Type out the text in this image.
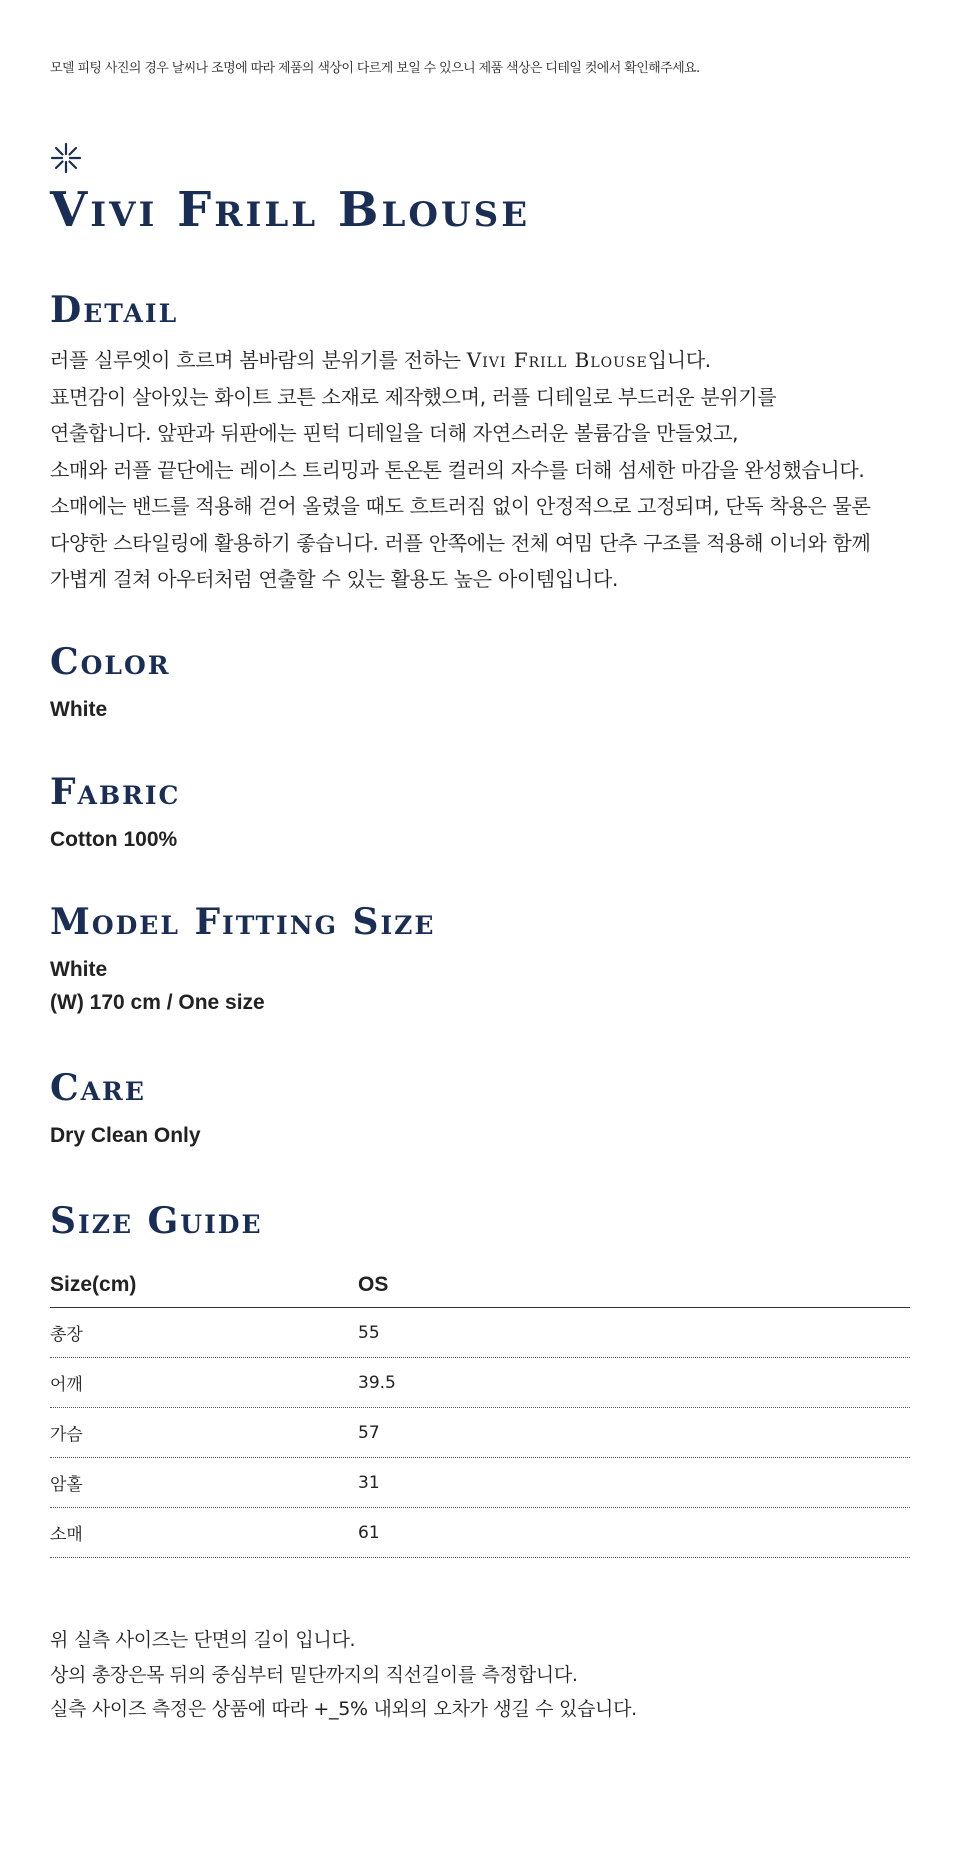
모델 피팅 사진의 경우 날씨나 조명에 따라 제품의 색상이 다르게 보일 수 있으니 제품 색상은 디테일 컷에서 확인해주세요.
Vivi Frill Blouse
Detail
러플 실루엣이 흐르며 봄바람의 분위기를 전하는 Vivi Frill Blouse입니다.
표면감이 살아있는 화이트 코튼 소재로 제작했으며, 러플 디테일로 부드러운 분위기를
연출합니다. 앞판과 뒤판에는 핀턱 디테일을 더해 자연스러운 볼륨감을 만들었고,
소매와 러플 끝단에는 레이스 트리밍과 톤온톤 컬러의 자수를 더해 섬세한 마감을 완성했습니다.
소매에는 밴드를 적용해 걷어 올렸을 때도 흐트러짐 없이 안정적으로 고정되며, 단독 착용은 물론
다양한 스타일링에 활용하기 좋습니다. 러플 안쪽에는 전체 여밈 단추 구조를 적용해 이너와 함께
가볍게 걸쳐 아우터처럼 연출할 수 있는 활용도 높은 아이템입니다.
Color
White
Fabric
Cotton 100%
Model Fitting Size
White
(W) 170 cm / One size
Care
Dry Clean Only
Size Guide
Size(cm)	OS
총장	55
어깨	39.5
가슴	57
암홀	31
소매	61
위 실측 사이즈는 단면의 길이 입니다.
상의 총장은목 뒤의 중심부터 밑단까지의 직선길이를 측정합니다.
실측 사이즈 측정은 상품에 따라 +_5% 내외의 오차가 생길 수 있습니다.
